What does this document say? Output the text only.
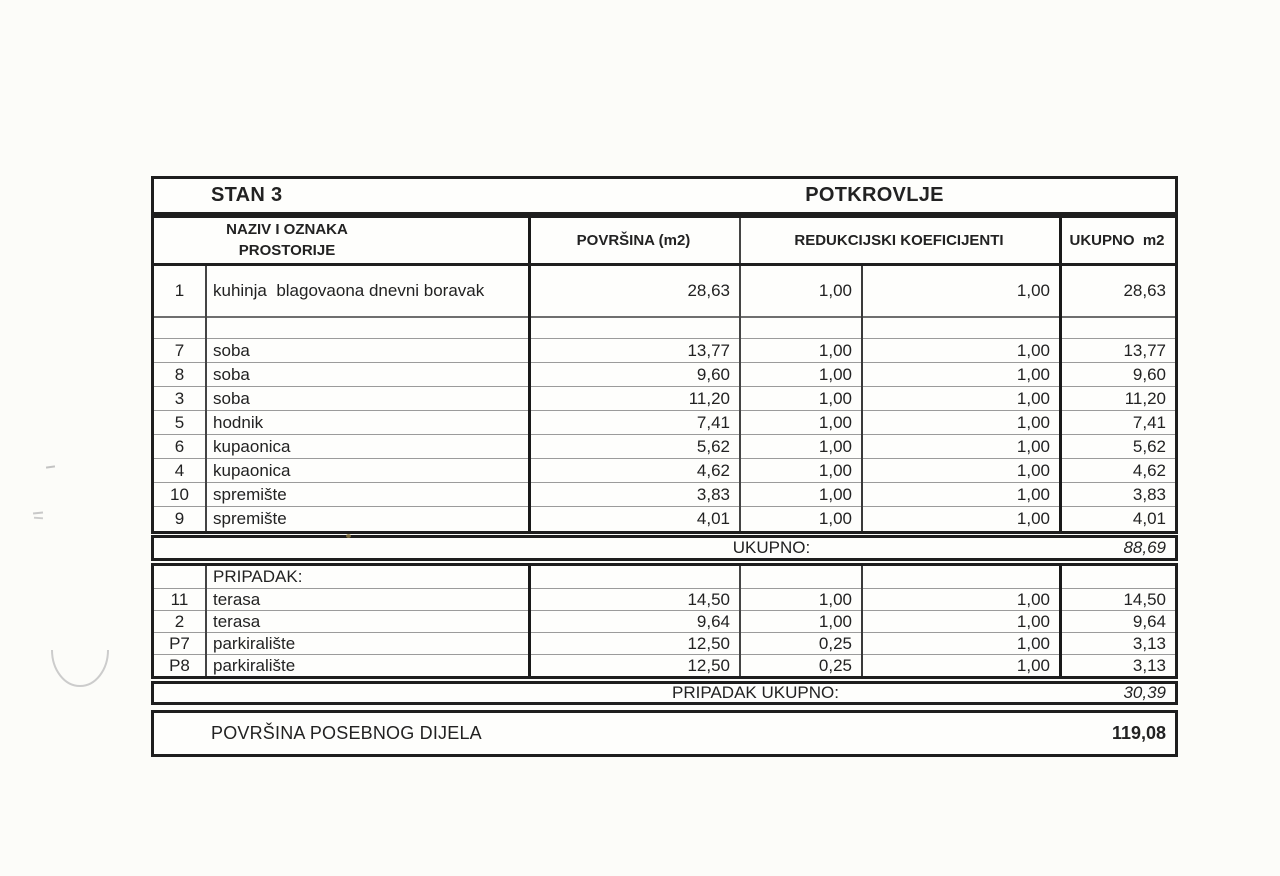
STAN 3	POTKROVLJE
NAZIV I OZNAKA
PROSTORIJE
POVRŠINA (m2)	REDUKCIJSKI KOEFICIJENTI	UKUPNO  m2
1	kuhinja  blagovaona dnevni boravak	28,63	1,00	1,00	28,63
7	soba	13,77	1,00	1,00	13,77
8	soba	9,60	1,00	1,00	9,60
3	soba	11,20	1,00	1,00	11,20
5	hodnik	7,41	1,00	1,00	7,41
6	kupaonica	5,62	1,00	1,00	5,62
4	kupaonica	4,62	1,00	1,00	4,62
10	spremište	3,83	1,00	1,00	3,83
9	spremište	4,01	1,00	1,00	4,01
UKUPNO:	88,69
PRIPADAK:
11	terasa	14,50	1,00	1,00	14,50
2	terasa	9,64	1,00	1,00	9,64
P7	parkiralište	12,50	0,25	1,00	3,13
P8	parkiralište	12,50	0,25	1,00	3,13
PRIPADAK UKUPNO:	30,39
POVRŠINA POSEBNOG DIJELA	119,08
